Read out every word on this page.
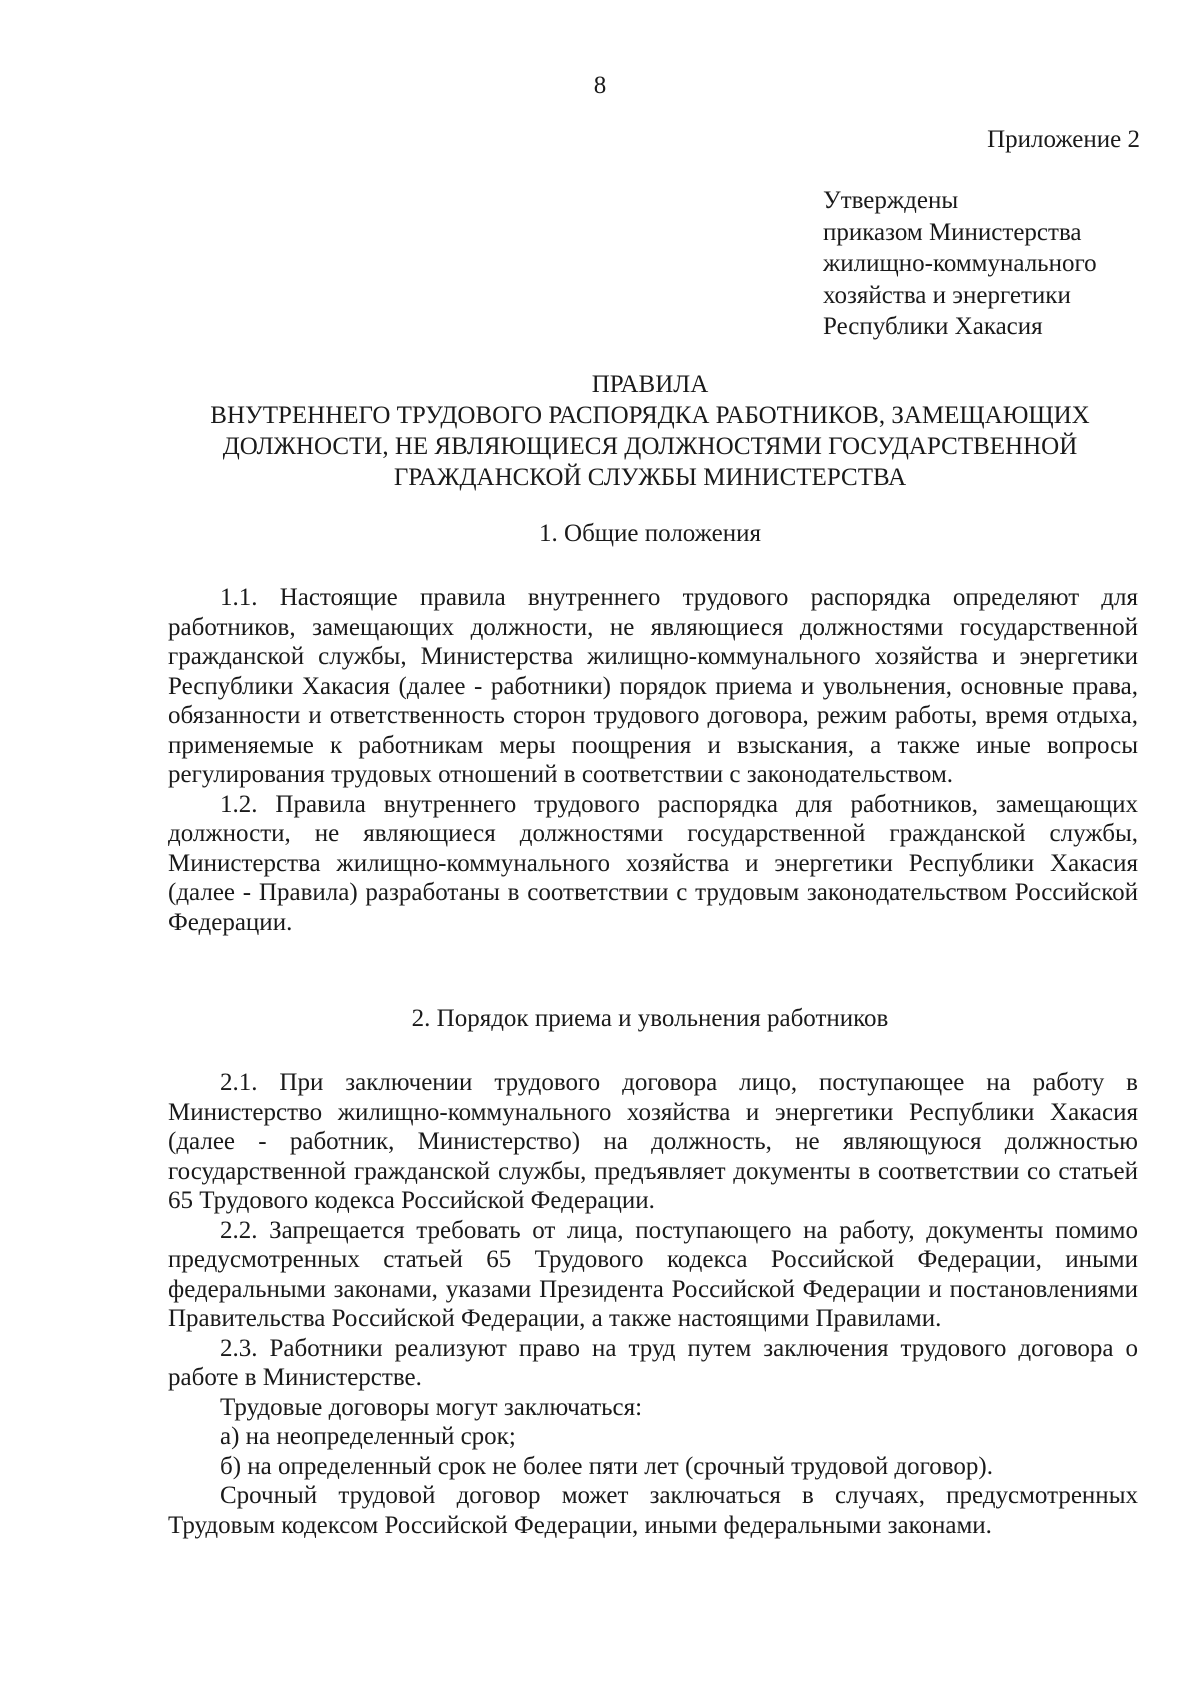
8
Приложение 2
Утверждены
приказом Министерства
жилищно-коммунального
хозяйства и энергетики
Республики Хакасия
ПРАВИЛА
ВНУТРЕННЕГО ТРУДОВОГО РАСПОРЯДКА РАБОТНИКОВ, ЗАМЕЩАЮЩИХ
ДОЛЖНОСТИ, НЕ ЯВЛЯЮЩИЕСЯ ДОЛЖНОСТЯМИ ГОСУДАРСТВЕННОЙ
ГРАЖДАНСКОЙ СЛУЖБЫ МИНИСТЕРСТВА
1. Общие положения

1.1. Настоящие правила внутреннего трудового распорядка определяют для работников, замещающих должности, не являющиеся должностями государственной гражданской службы, Министерства жилищно-коммунального хозяйства и энергетики Республики Хакасия (далее - работники) порядок приема и увольнения, основные права, обязанности и ответственность сторон трудового договора, режим работы, время отдыха, применяемые к работникам меры поощрения и взыскания, а также иные вопросы регулирования трудовых отношений в соответствии с законодательством.

1.2. Правила внутреннего трудового распорядка для работников, замещающих должности, не являющиеся должностями государственной гражданской службы, Министерства жилищно-коммунального хозяйства и энергетики Республики Хакасия (далее - Правила) разработаны в соответствии с трудовым законодательством Российской Федерации.

2. Порядок приема и увольнения работников

2.1. При заключении трудового договора лицо, поступающее на работу в Министерство жилищно-коммунального хозяйства и энергетики Республики Хакасия (далее - работник, Министерство) на должность, не являющуюся должностью государственной гражданской службы, предъявляет документы в соответствии со статьей 65 Трудового кодекса Российской Федерации.

2.2. Запрещается требовать от лица, поступающего на работу, документы помимо предусмотренных статьей 65 Трудового кодекса Российской Федерации, иными федеральными законами, указами Президента Российской Федерации и постановлениями Правительства Российской Федерации, а также настоящими Правилами.

2.3. Работники реализуют право на труд путем заключения трудового договора о работе в Министерстве.

Трудовые договоры могут заключаться:

а) на неопределенный срок;

б) на определенный срок не более пяти лет (срочный трудовой договор).

Срочный трудовой договор может заключаться в случаях, предусмотренных Трудовым кодексом Российской Федерации, иными федеральными законами.
